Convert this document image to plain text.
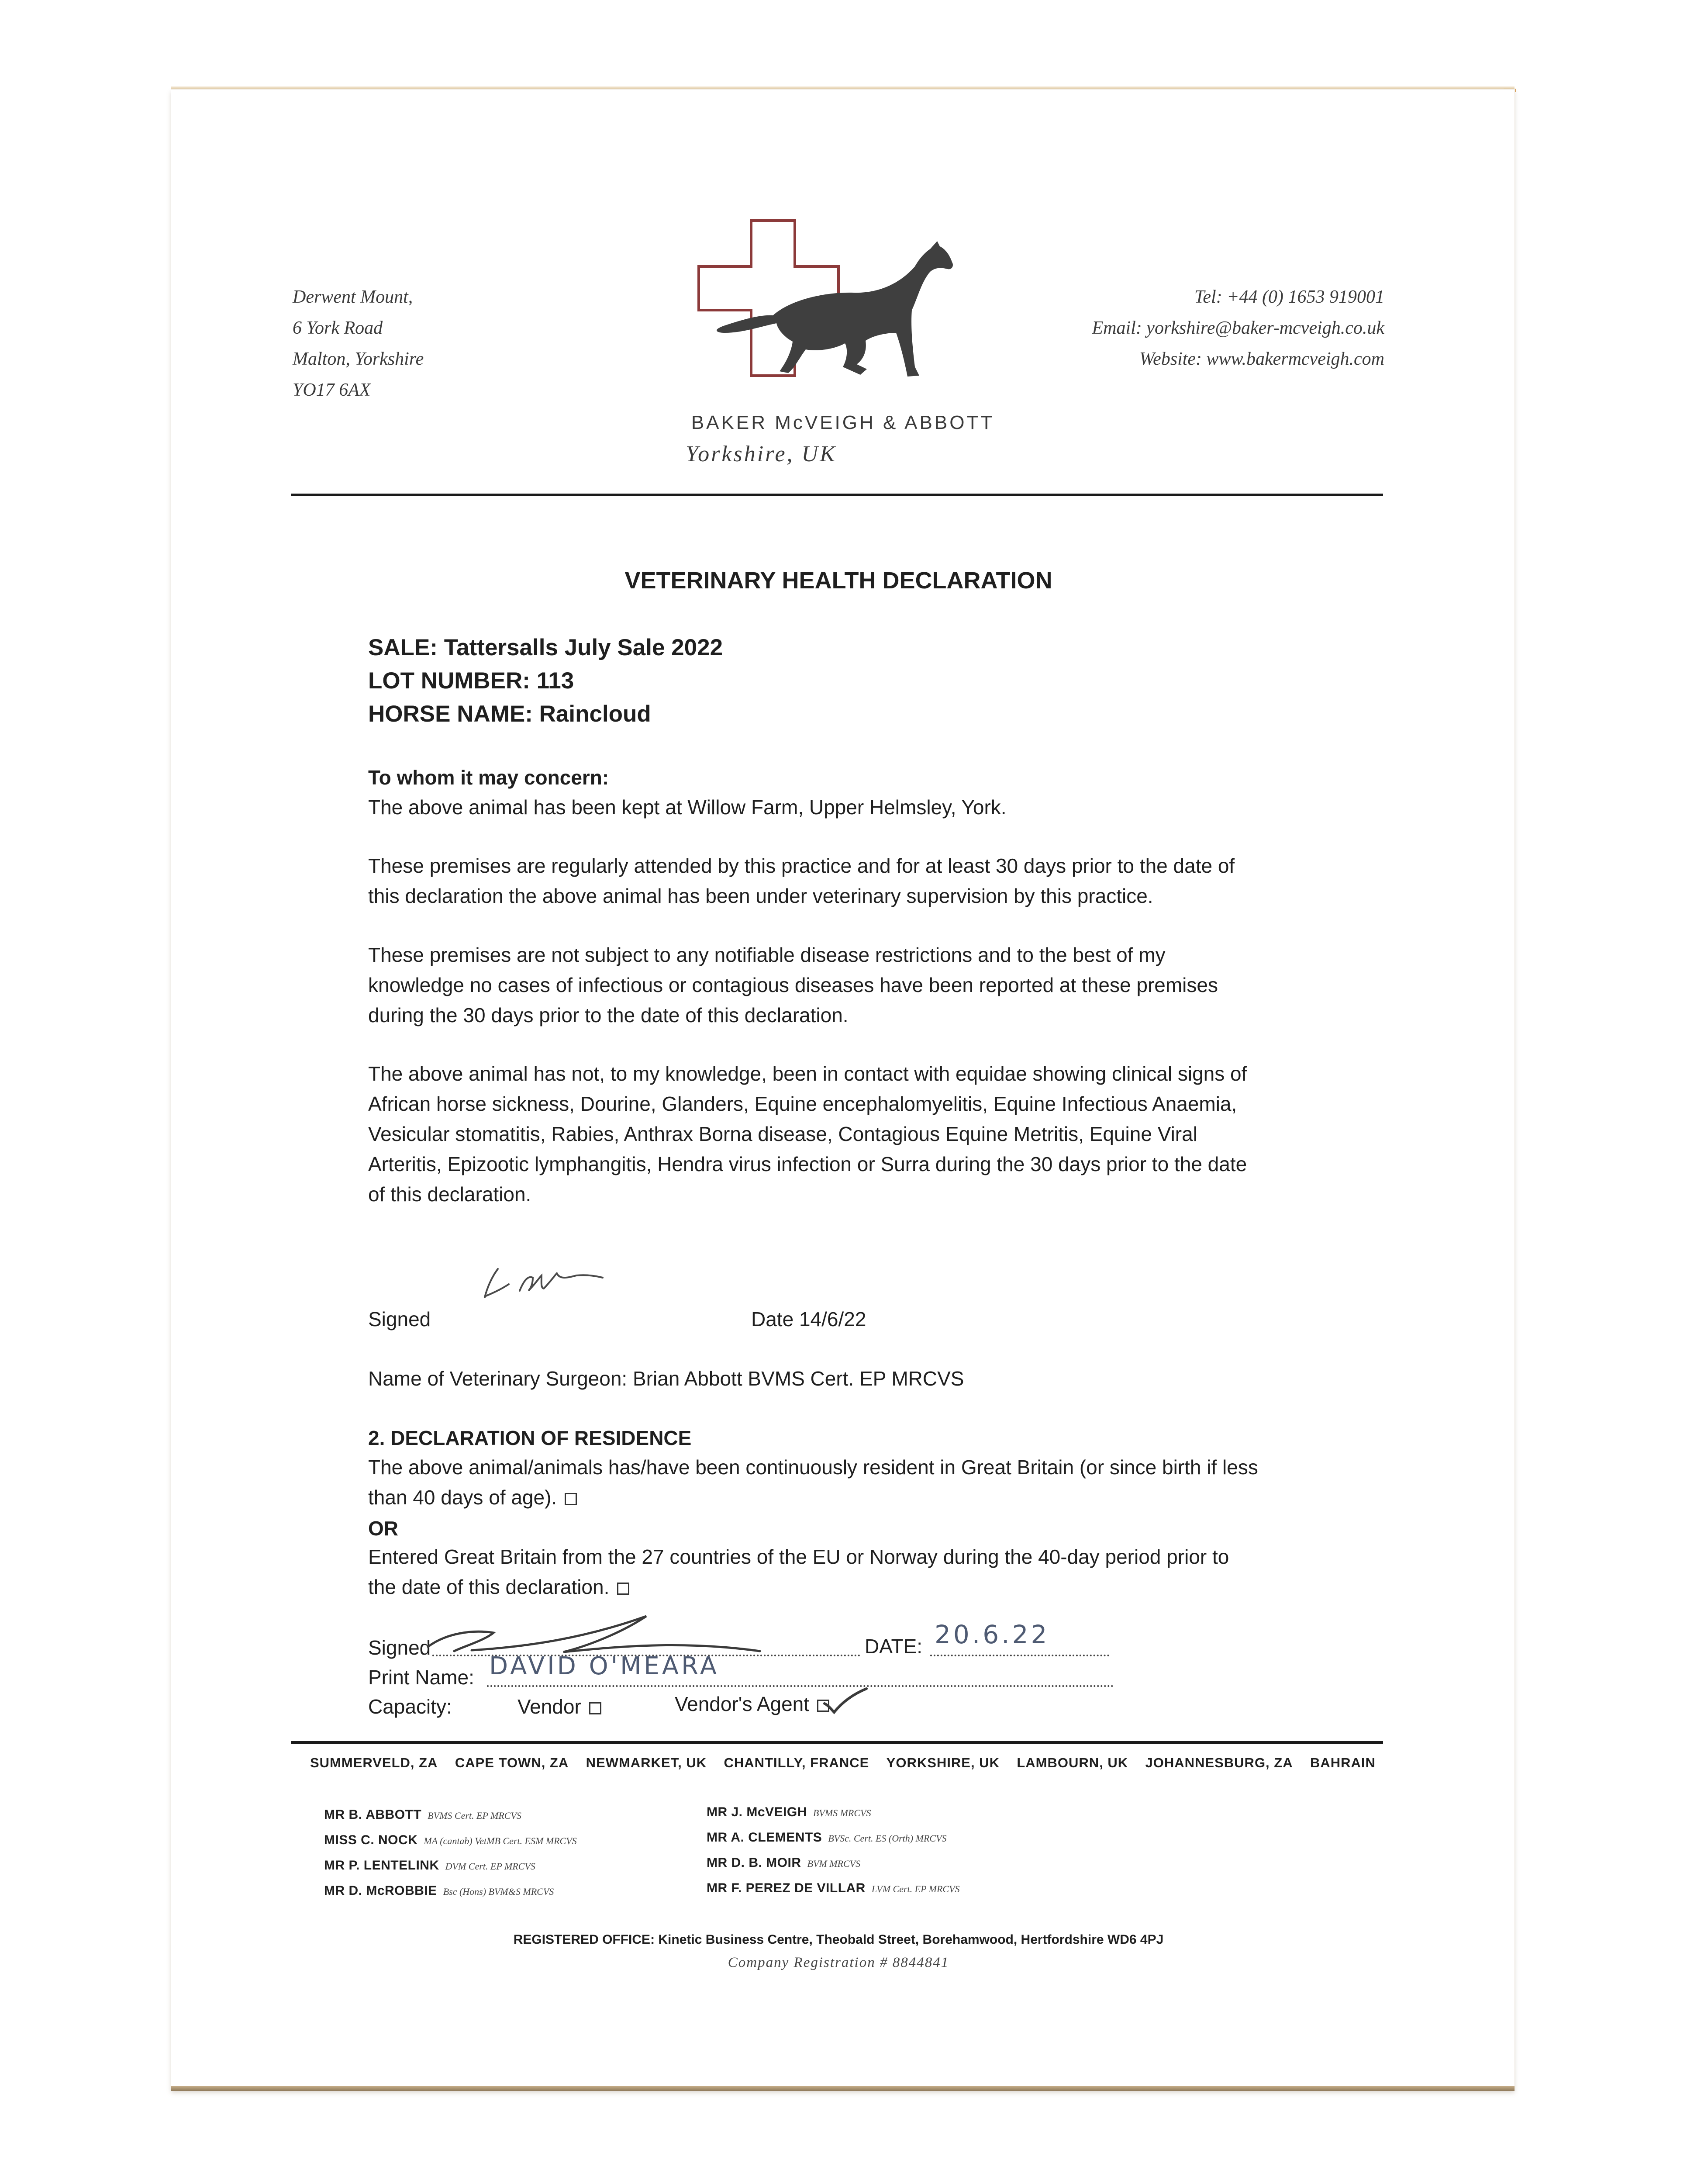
Derwent Mount,
6 York Road
Malton, Yorkshire
YO17 6AX
Tel: +44 (0) 1653 919001
Email: yorkshire@baker-mcveigh.co.uk
Website: www.bakermcveigh.com
BAKER McVEIGH & ABBOTT
Yorkshire, UK
VETERINARY HEALTH DECLARATION
SALE: Tattersalls July Sale 2022
LOT NUMBER: 113
HORSE NAME: Raincloud
To whom it may concern:
The above animal has been kept at Willow Farm, Upper Helmsley, York.

These premises are regularly attended by this practice and for at least 30 days prior to the date of

this declaration the above animal has been under veterinary supervision by this practice.

These premises are not subject to any notifiable disease restrictions and to the best of my

knowledge no cases of infectious or contagious diseases have been reported at these premises

during the 30 days prior to the date of this declaration.

The above animal has not, to my knowledge, been in contact with equidae showing clinical signs of

African horse sickness, Dourine, Glanders, Equine encephalomyelitis, Equine Infectious Anaemia,

Vesicular stomatitis, Rabies, Anthrax Borna disease, Contagious Equine Metritis, Equine Viral

Arteritis, Epizootic lymphangitis, Hendra virus infection or Surra during the 30 days prior to the date

of this declaration.

Signed	Date 14/6/22
Name of Veterinary Surgeon: Brian Abbott BVMS Cert. EP MRCVS
2. DECLARATION OF RESIDENCE

The above animal/animals has/have been continuously resident in Great Britain (or since birth if less

than 40 days of age).

OR

Entered Great Britain from the 27 countries of the EU or Norway during the 40-day period prior to

the date of this declaration.

Signed	DATE: 20.6.22
Print Name: DAVID O'MEARA
Capacity:	Vendor	Vendor's Agent
SUMMERVELD, ZA CAPE TOWN, ZA NEWMARKET, UK CHANTILLY, FRANCE YORKSHIRE, UK LAMBOURN, UK JOHANNESBURG, ZA BAHRAIN
MR B. ABBOTT BVMS Cert. EP MRCVS
MISS C. NOCK MA (cantab) VetMB Cert. ESM MRCVS
MR P. LENTELINK DVM Cert. EP MRCVS
MR D. McROBBIE Bsc (Hons) BVM&S MRCVS
MR J. McVEIGH BVMS MRCVS
MR A. CLEMENTS BVSc. Cert. ES (Orth) MRCVS
MR D. B. MOIR BVM MRCVS
MR F. PEREZ DE VILLAR LVM Cert. EP MRCVS
REGISTERED OFFICE: Kinetic Business Centre, Theobald Street, Borehamwood, Hertfordshire WD6 4PJ
Company Registration # 8844841
